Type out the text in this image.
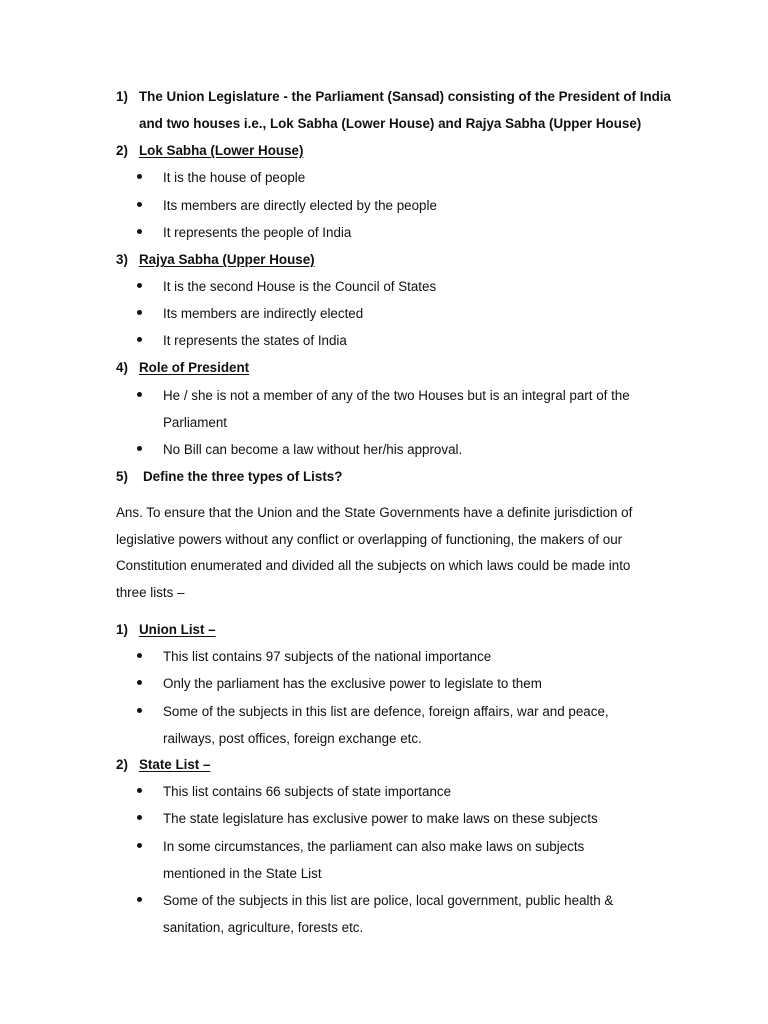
1) The Union Legislature - the Parliament (Sansad) consisting of the President of India
and two houses i.e., Lok Sabha (Lower House) and Rajya Sabha (Upper House)
2) Lok Sabha (Lower House)
It is the house of people
Its members are directly elected by the people
It represents the people of India
3) Rajya Sabha (Upper House)
It is the second House is the Council of States
Its members are indirectly elected
It represents the states of India
4) Role of President
He / she is not a member of any of the two Houses but is an integral part of the
Parliament
No Bill can become a law without her/his approval.
5) Define the three types of Lists?
Ans. To ensure that the Union and the State Governments have a definite jurisdiction of
legislative powers without any conflict or overlapping of functioning, the makers of our
Constitution enumerated and divided all the subjects on which laws could be made into
three lists –
1) Union List –
This list contains 97 subjects of the national importance
Only the parliament has the exclusive power to legislate to them
Some of the subjects in this list are defence, foreign affairs, war and peace,
railways, post offices, foreign exchange etc.
2) State List –
This list contains 66 subjects of state importance
The state legislature has exclusive power to make laws on these subjects
In some circumstances, the parliament can also make laws on subjects
mentioned in the State List
Some of the subjects in this list are police, local government, public health &
sanitation, agriculture, forests etc.
